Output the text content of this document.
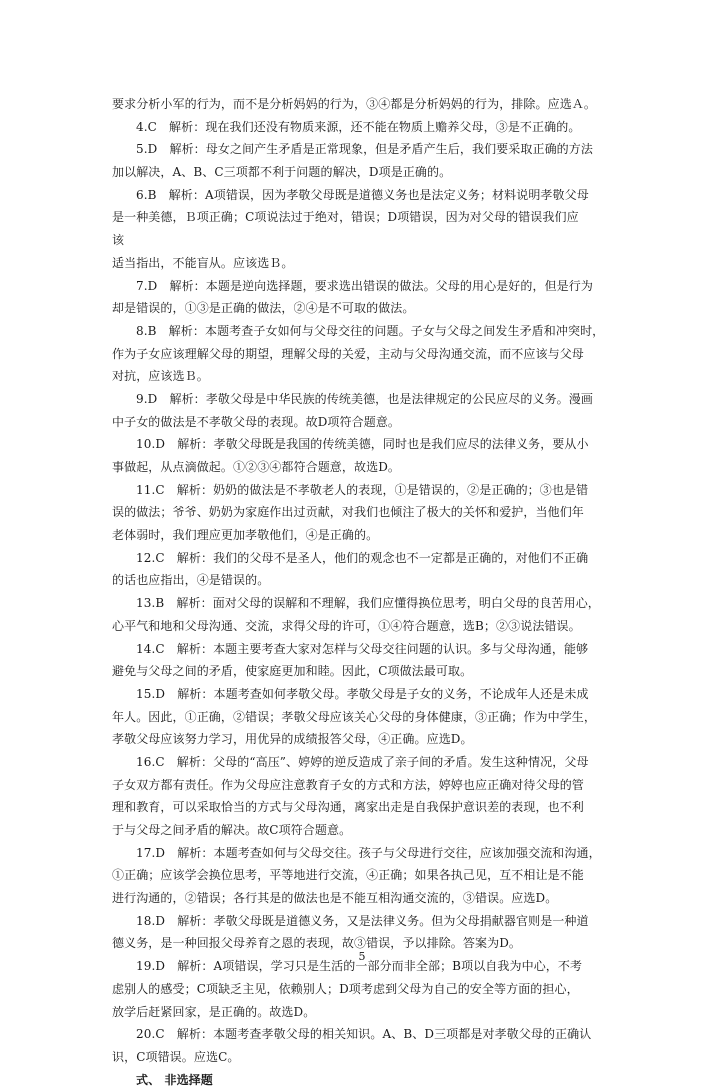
要求分析小军的行为，而不是分析妈妈的行为，③④都是分析妈妈的行为，排除。应选Ａ。
4.C　解析：现在我们还没有物质来源，还不能在物质上赡养父母，③是不正确的。
5.D　解析：母女之间产生矛盾是正常现象，但是矛盾产生后，我们要采取正确的方法
加以解决，A、B、C三项都不利于问题的解决，D项是正确的。
6.B　解析：A项错误，因为孝敬父母既是道德义务也是法定义务；材料说明孝敬父母
是一种美德，Ｂ项正确；C项说法过于绝对，错误；D项错误，因为对父母的错误我们应
该
适当指出，不能盲从。应该选Ｂ。
7.D　解析：本题是逆向选择题，要求选出错误的做法。父母的用心是好的，但是行为
却是错误的，①③是正确的做法，②④是不可取的做法。
8.B　解析：本题考查子女如何与父母交往的问题。子女与父母之间发生矛盾和冲突时，
作为子女应该理解父母的期望，理解父母的关爱，主动与父母沟通交流，而不应该与父母
对抗，应该选Ｂ。
9.D　解析：孝敬父母是中华民族的传统美德，也是法律规定的公民应尽的义务。漫画
中子女的做法是不孝敬父母的表现。故D项符合题意。
10.D　解析：孝敬父母既是我国的传统美德，同时也是我们应尽的法律义务，要从小
事做起，从点滴做起。①②③④都符合题意，故选D。
11.C　解析：奶奶的做法是不孝敬老人的表现，①是错误的，②是正确的；③也是错
误的做法；爷爷、奶奶为家庭作出过贡献，对我们也倾注了极大的关怀和爱护，当他们年
老体弱时，我们理应更加孝敬他们，④是正确的。
12.C　解析：我们的父母不是圣人，他们的观念也不一定都是正确的，对他们不正确
的话也应指出，④是错误的。
13.B　解析：面对父母的误解和不理解，我们应懂得换位思考，明白父母的良苦用心，
心平气和地和父母沟通、交流，求得父母的许可，①④符合题意，选B；②③说法错误。
14.C　解析：本题主要考查大家对怎样与父母交往问题的认识。多与父母沟通，能够
避免与父母之间的矛盾，使家庭更加和睦。因此，C项做法最可取。
15.D　解析：本题考查如何孝敬父母。孝敬父母是子女的义务，不论成年人还是未成
年人。因此，①正确，②错误；孝敬父母应该关心父母的身体健康，③正确；作为中学生，
孝敬父母应该努力学习，用优异的成绩报答父母，④正确。应选D。
16.C　解析：父母的“高压”、婷婷的逆反造成了亲子间的矛盾。发生这种情况，父母
子女双方都有责任。作为父母应注意教育子女的方式和方法，婷婷也应正确对待父母的管
理和教育，可以采取恰当的方式与父母沟通，离家出走是自我保护意识差的表现，也不利
于与父母之间矛盾的解决。故C项符合题意。
17.D　解析：本题考查如何与父母交往。孩子与父母进行交往，应该加强交流和沟通，
①正确；应该学会换位思考，平等地进行交流，④正确；如果各执己见，互不相让是不能
进行沟通的，②错误；各行其是的做法也是不能互相沟通交流的，③错误。应选D。
18.D　解析：孝敬父母既是道德义务，又是法律义务。但为父母捐献器官则是一种道
德义务，是一种回报父母养育之恩的表现，故③错误，予以排除。答案为D。
19.D　解析：A项错误，学习只是生活的一部分而非全部；B项以自我为中心，不考
虑别人的感受；C项缺乏主见，依赖别人；D项考虑到父母为自己的安全等方面的担心，
放学后赶紧回家，是正确的。故选D。
20.C　解析：本题考查孝敬父母的相关知识。A、B、D三项都是对孝敬父母的正确认
识，C项错误。应选C。
式、 非选择题
5
